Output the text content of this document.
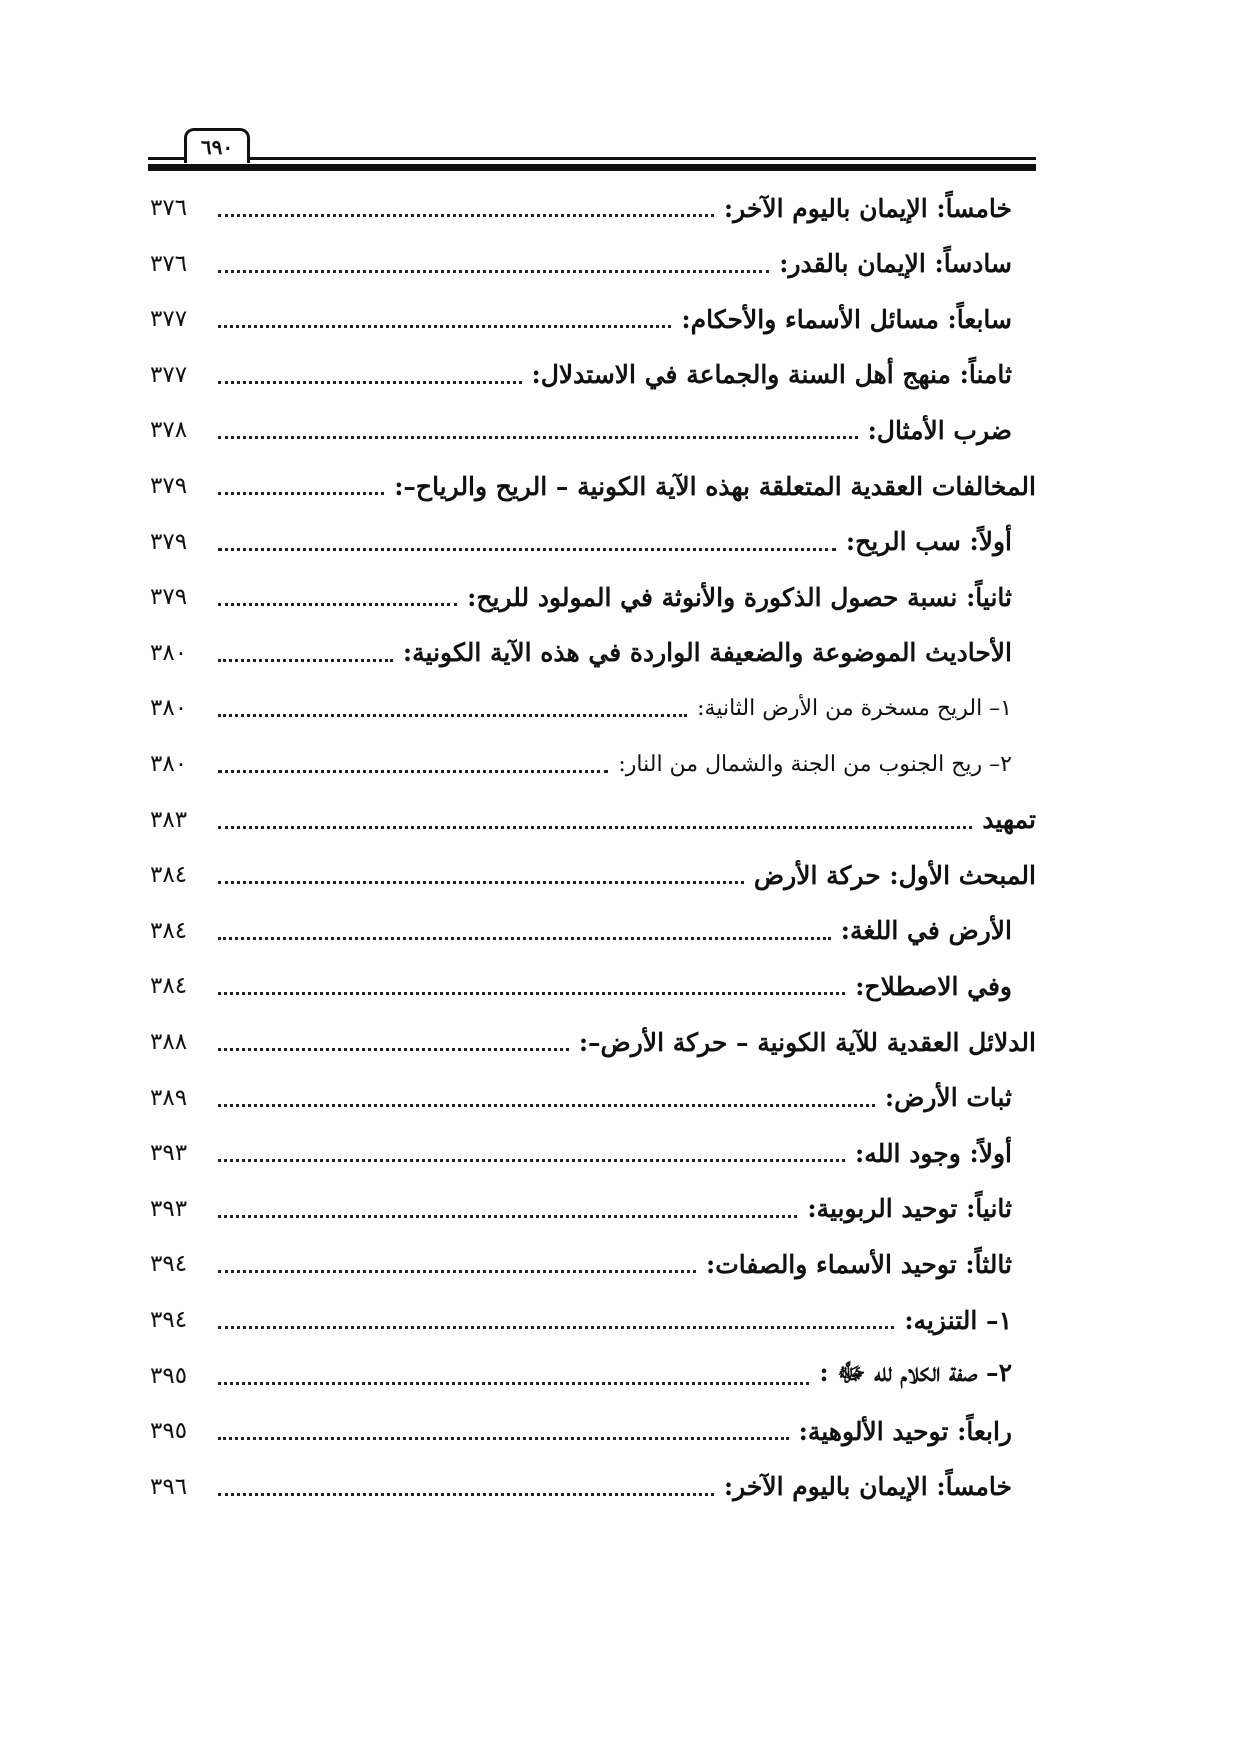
٦٩٠
٣٧٦	خامساً: الإيمان باليوم الآخر:
٣٧٦	سادساً: الإيمان بالقدر:
٣٧٧	سابعاً: مسائل الأسماء والأحكام:
٣٧٧	ثامناً: منهج أهل السنة والجماعة في الاستدلال:
٣٧٨	ضرب الأمثال:
٣٧٩	المخالفات العقدية المتعلقة بهذه الآية الكونية – الريح والرياح–:
٣٧٩	أولاً: سب الريح:
٣٧٩	ثانياً: نسبة حصول الذكورة والأنوثة في المولود للريح:
٣٨٠	الأحاديث الموضوعة والضعيفة الواردة في هذه الآية الكونية:
٣٨٠	١– الريح مسخرة من الأرض الثانية:
٣٨٠	٢– ريح الجنوب من الجنة والشمال من النار:
٣٨٣	تمهيد
٣٨٤	المبحث الأول: حركة الأرض
٣٨٤	الأرض في اللغة:
٣٨٤	وفي الاصطلاح:
٣٨٨	الدلائل العقدية للآية الكونية – حركة الأرض–:
٣٨٩	ثبات الأرض:
٣٩٣	أولاً: وجود الله:
٣٩٣	ثانياً: توحيد الربوبية:
٣٩٤	ثالثاً: توحيد الأسماء والصفات:
٣٩٤	١– التنزيه:
٣٩٥	٢– صفة الكلام لله ﷻ :
٣٩٥	رابعاً: توحيد الألوهية:
٣٩٦	خامساً: الإيمان باليوم الآخر:
